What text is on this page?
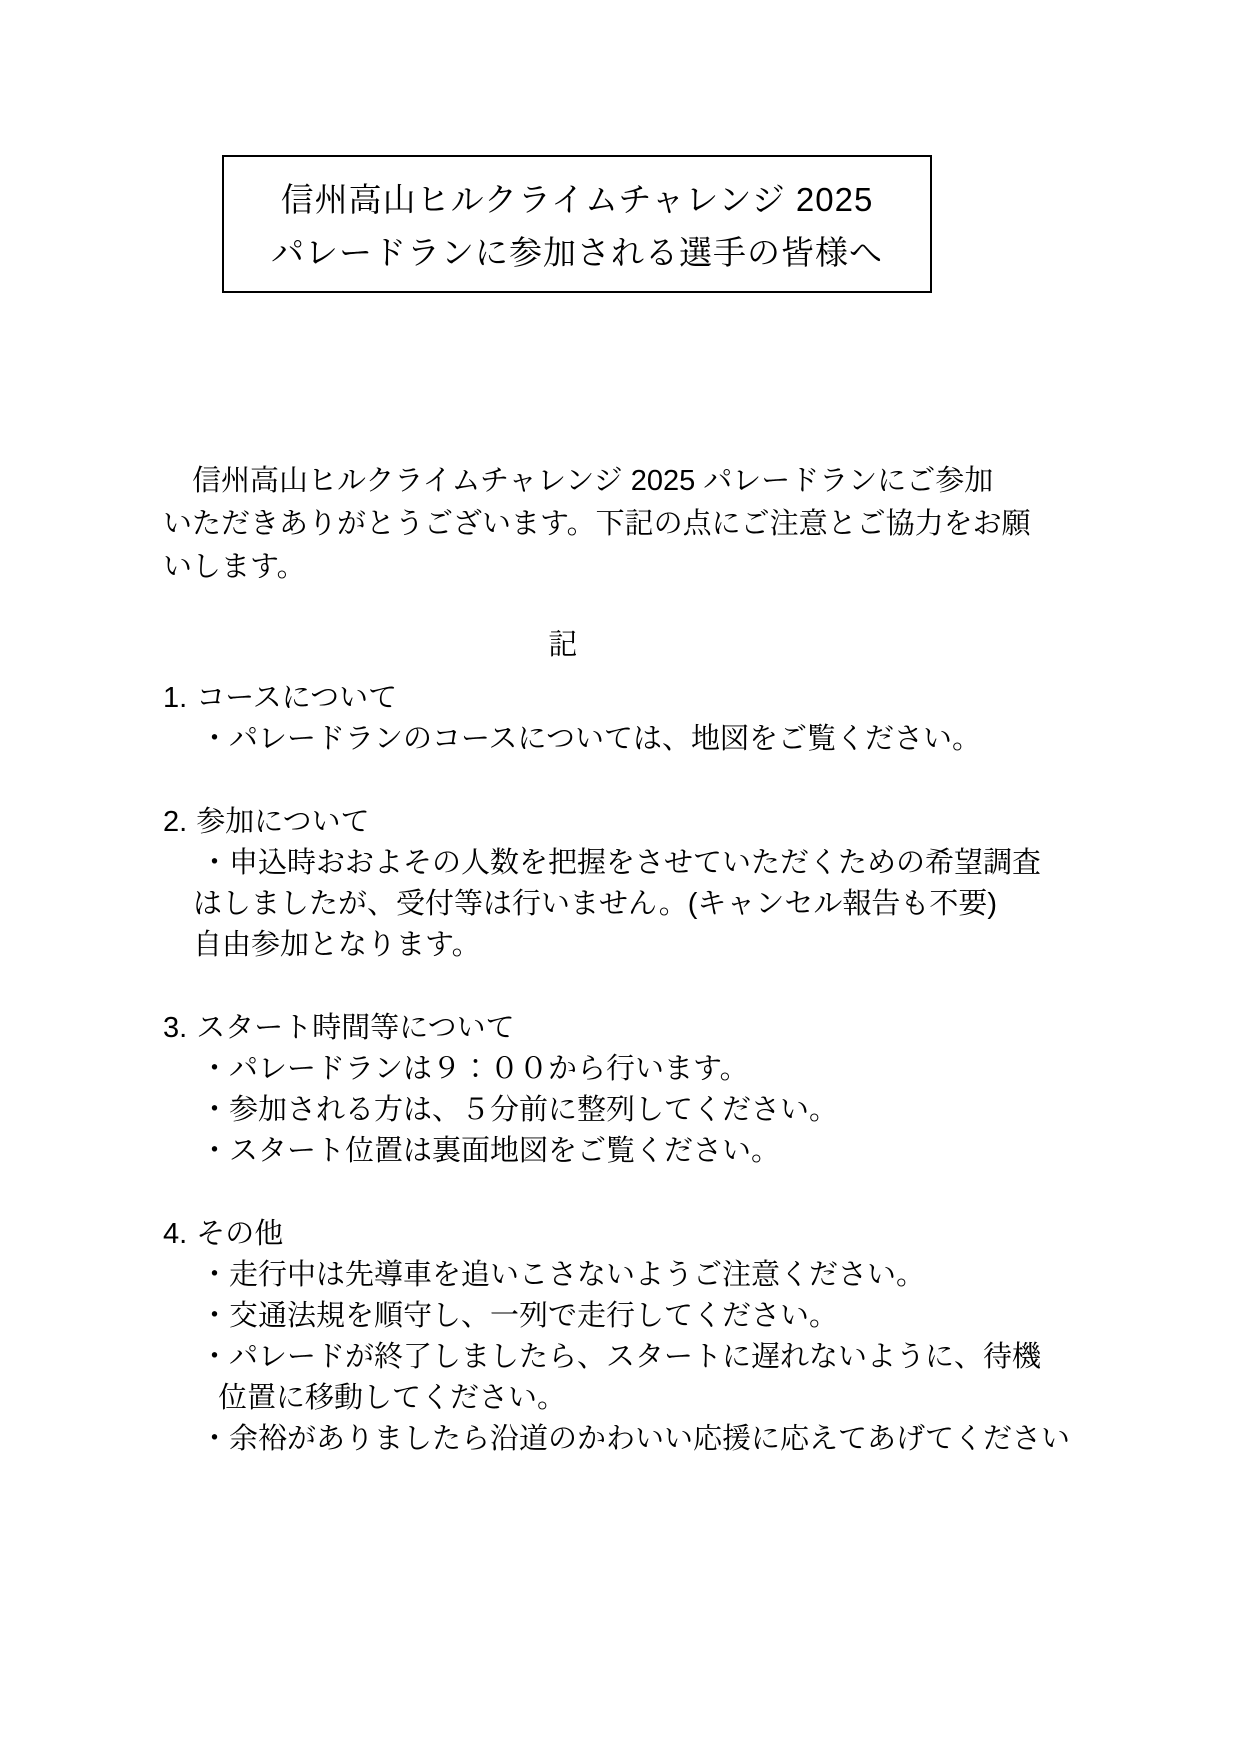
信州高山ヒルクライムチャレンジ 2025
パレードランに参加される選手の皆様へ
　信州高山ヒルクライムチャレンジ 2025 パレードランにご参加
いただきありがとうございます。下記の点にご注意とご協力をお願
いします。
記
1. コースについて
・パレードランのコースについては、地図をご覧ください。
2. 参加について
・申込時おおよその人数を把握をさせていただくための希望調査
はしましたが、受付等は行いません。(キャンセル報告も不要)
自由参加となります。
3. スタート時間等について
・パレードランは９：００から行います。
・参加される方は、５分前に整列してください。
・スタート位置は裏面地図をご覧ください。
4. その他
・走行中は先導車を追いこさないようご注意ください。
・交通法規を順守し、一列で走行してください。
・パレードが終了しましたら、スタートに遅れないように、待機
位置に移動してください。
・余裕がありましたら沿道のかわいい応援に応えてあげてください
